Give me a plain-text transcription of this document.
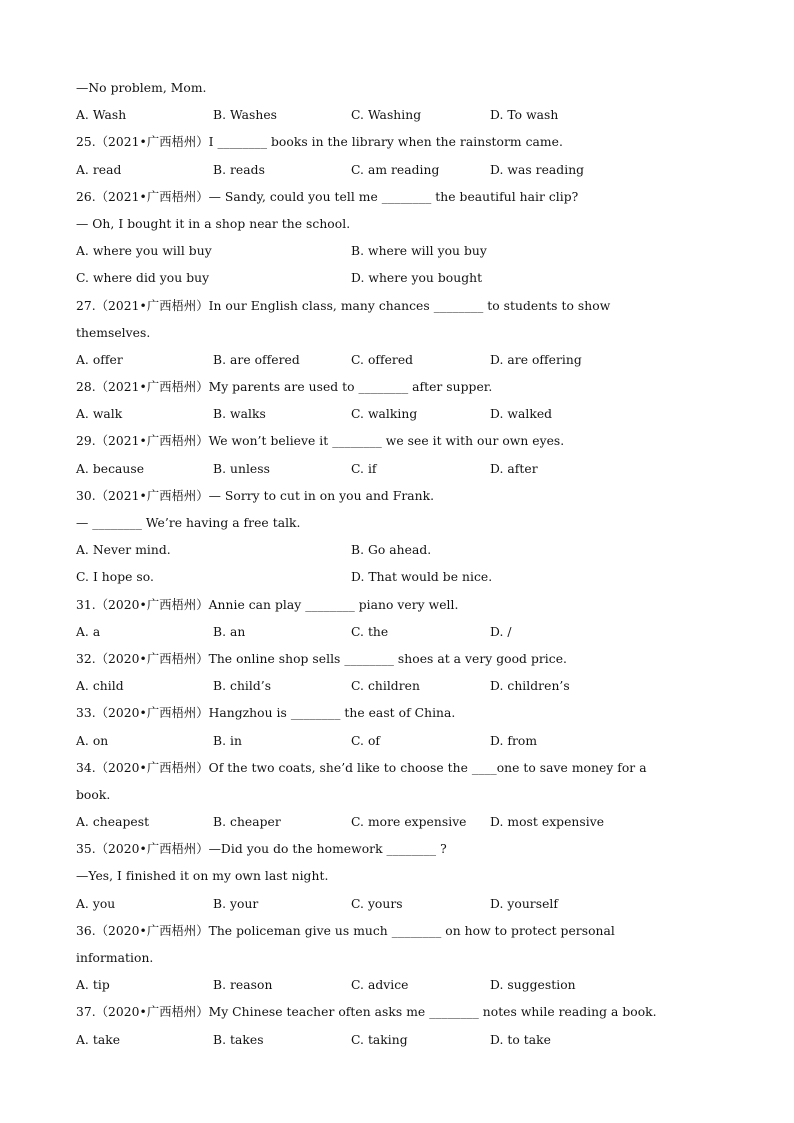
—No problem, Mom.
A. Wash	B. Washes	C. Washing	D. To wash
25.（2021•广西梧州）I ________ books in the library when the rainstorm came.
A. read	B. reads	C. am reading	D. was reading
26.（2021•广西梧州）— Sandy, could you tell me ________ the beautiful hair clip?
— Oh, I bought it in a shop near the school.
A. where you will buy	B. where will you buy
C. where did you buy	D. where you bought
27.（2021•广西梧州）In our English class, many chances ________ to students to show
themselves.
A. offer	B. are offered	C. offered	D. are offering
28.（2021•广西梧州）My parents are used to ________ after supper.
A. walk	B. walks	C. walking	D. walked
29.（2021•广西梧州）We won’t believe it ________ we see it with our own eyes.
A. because	B. unless	C. if	D. after
30.（2021•广西梧州）— Sorry to cut in on you and Frank.
— ________ We’re having a free talk.
A. Never mind.	B. Go ahead.
C. I hope so.	D. That would be nice.
31.（2020•广西梧州）Annie can play ________ piano very well.
A. a	B. an	C. the	D. /
32.（2020•广西梧州）The online shop sells ________ shoes at a very good price.
A. child	B. child’s	C. children	D. children’s
33.（2020•广西梧州）Hangzhou is ________ the east of China.
A. on	B. in	C. of	D. from
34.（2020•广西梧州）Of the two coats, she’d like to choose the ____one to save money for a
book.
A. cheapest	B. cheaper	C. more expensive D. most expensive
35.（2020•广西梧州）—Did you do the homework ________ ?
—Yes, I finished it on my own last night.
A. you	B. your	C. yours	D. yourself
36.（2020•广西梧州）The policeman give us much ________ on how to protect personal
information.
A. tip	B. reason	C. advice	D. suggestion
37.（2020•广西梧州）My Chinese teacher often asks me ________ notes while reading a book.
A. take	B. takes	C. taking	D. to take
